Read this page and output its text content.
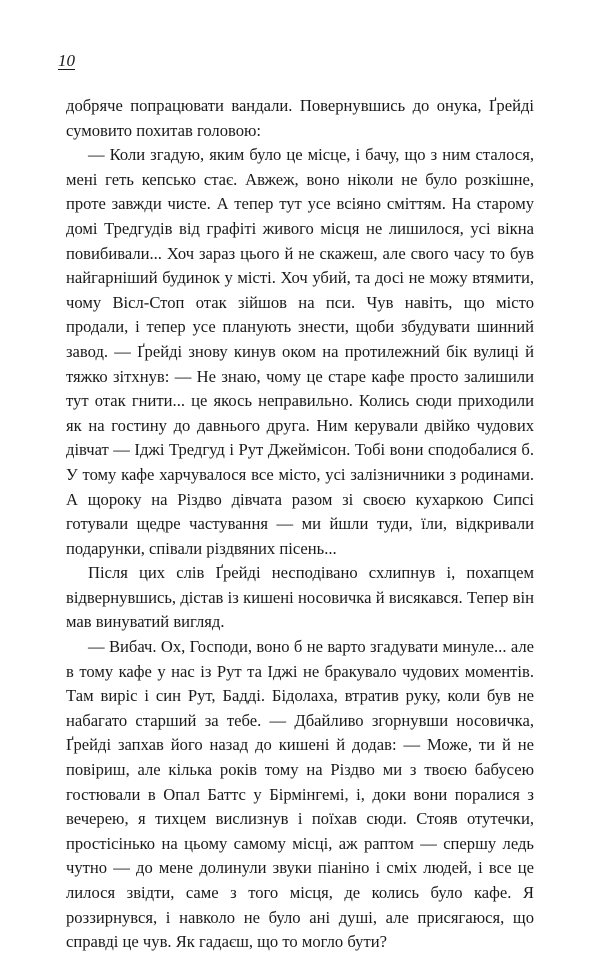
10

добряче попрацювати вандали. Повернувшись до онука, Ґрейді сумовито похитав головою:

— Коли згадую, яким було це місце, і бачу, що з ним сталося, мені геть кепсько стає. Авжеж, воно ніколи не було розкішне, проте завжди чисте. А тепер тут усе всіяно сміттям. На старому домі Тредгудів від графіті живого місця не лишилося, усі вікна повибивали... Хоч зараз цього й не скажеш, але свого часу то був найгарніший будинок у місті. Хоч убий, та досі не можу втямити, чому Вісл-Стоп отак зійшов на пси. Чув навіть, що місто продали, і тепер усе планують знести, щоби збудувати шинний завод. — Ґрейді знову кинув оком на протилежний бік вулиці й тяжко зітхнув: — Не знаю, чому це старе кафе просто залишили тут отак гнити... це якось неправильно. Колись сюди приходили як на гостину до давнього друга. Ним керували двійко чудових дівчат — Іджі Тредгуд і Рут Джеймісон. Тобі вони сподобалися б. У тому кафе харчувалося все місто, усі залізничники з родинами. А щороку на Різдво дівчата разом зі своєю кухаркою Сипсі готували щедре частування — ми йшли туди, їли, відкривали подарунки, співали різдвяних пісень...

Після цих слів Ґрейді несподівано схлипнув і, похапцем відвернувшись, дістав із кишені носовичка й висякався. Тепер він мав винуватий вигляд.

— Вибач. Ох, Господи, воно б не варто згадувати минуле... але в тому кафе у нас із Рут та Іджі не бракувало чудових моментів. Там виріс і син Рут, Бадді. Бідолаха, втратив руку, коли був не набагато старший за тебе. — Дбайливо згорнувши носовичка, Ґрейді запхав його назад до кишені й додав: — Може, ти й не повіриш, але кілька років тому на Різдво ми з твоєю бабусею гостювали в Опал Баттс у Бірмінгемі, і, доки вони поралися з вечерею, я тихцем вислизнув і поїхав сюди. Стояв отутечки, простісінько на цьому самому місці, аж раптом — спершу ледь чутно — до мене долинули звуки піаніно і сміх людей, і все це лилося звідти, саме з того місця, де колись було кафе. Я роззирнувся, і навколо не було ані душі, але присягаюся, що справді це чув. Як гадаєш, що то могло бути?
